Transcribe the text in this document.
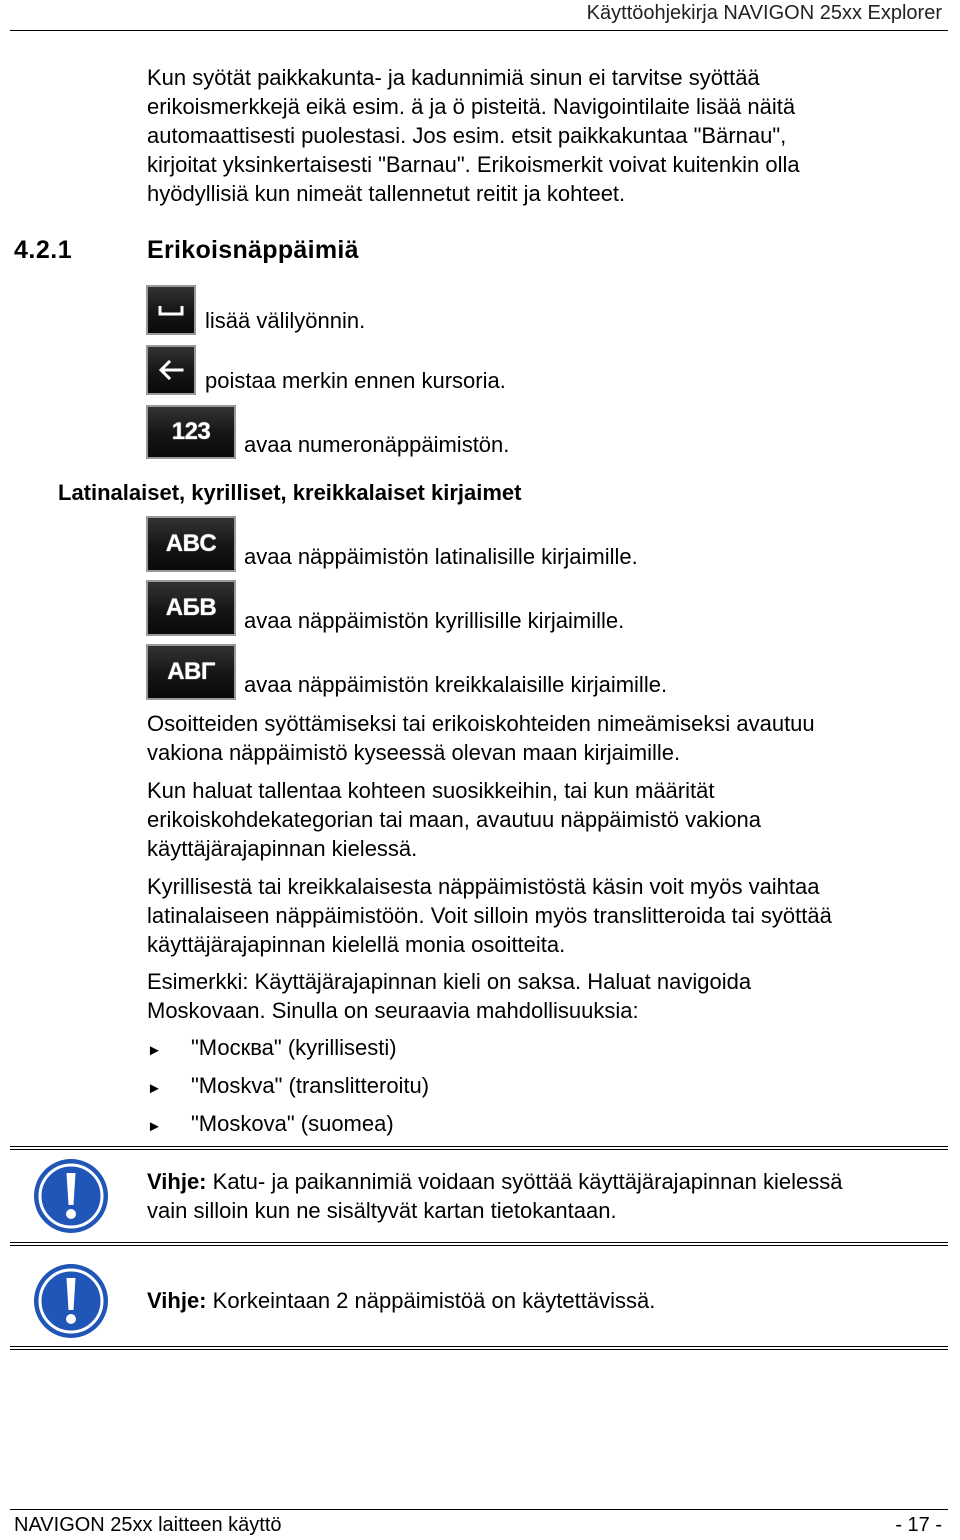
Käyttöohjekirja NAVIGON 25xx Explorer
Kun syötät paikkakunta- ja kadunnimiä sinun ei tarvitse syöttää
erikoismerkkejä eikä esim. ä ja ö pisteitä. Navigointilaite lisää näitä
automaattisesti puolestasi. Jos esim. etsit paikkakuntaa "Bärnau",
kirjoitat yksinkertaisesti "Barnau". Erikoismerkit voivat kuitenkin olla
hyödyllisiä kun nimeät tallennetut reitit ja kohteet.
4.2.1	Erikoisnäppäimiä
lisää välilyönnin.
poistaa merkin ennen kursoria.
123 avaa numeronäppäimistön.
Latinalaiset, kyrilliset, kreikkalaiset kirjaimet
ABC avaa näppäimistön latinalisille kirjaimille.
АБВ avaa näppäimistön kyrillisille kirjaimille.
ΑΒΓ avaa näppäimistön kreikkalaisille kirjaimille.
Osoitteiden syöttämiseksi tai erikoiskohteiden nimeämiseksi avautuu
vakiona näppäimistö kyseessä olevan maan kirjaimille.
Kun haluat tallentaa kohteen suosikkeihin, tai kun määrität
erikoiskohdekategorian tai maan, avautuu näppäimistö vakiona
käyttäjärajapinnan kielessä.
Kyrillisestä tai kreikkalaisesta näppäimistöstä käsin voit myös vaihtaa
latinalaiseen näppäimistöön. Voit silloin myös translitteroida tai syöttää
käyttäjärajapinnan kielellä monia osoitteita.
Esimerkki: Käyttäjärajapinnan kieli on saksa. Haluat navigoida
Moskovaan. Sinulla on seuraavia mahdollisuuksia:
► "Москва" (kyrillisesti)
► "Moskva" (translitteroitu)
► "Moskova" (suomea)
Vihje: Katu- ja paikannimiä voidaan syöttää käyttäjärajapinnan kielessä
vain silloin kun ne sisältyvät kartan tietokantaan.
Vihje: Korkeintaan 2 näppäimistöä on käytettävissä.
NAVIGON 25xx laitteen käyttö	- 17 -
